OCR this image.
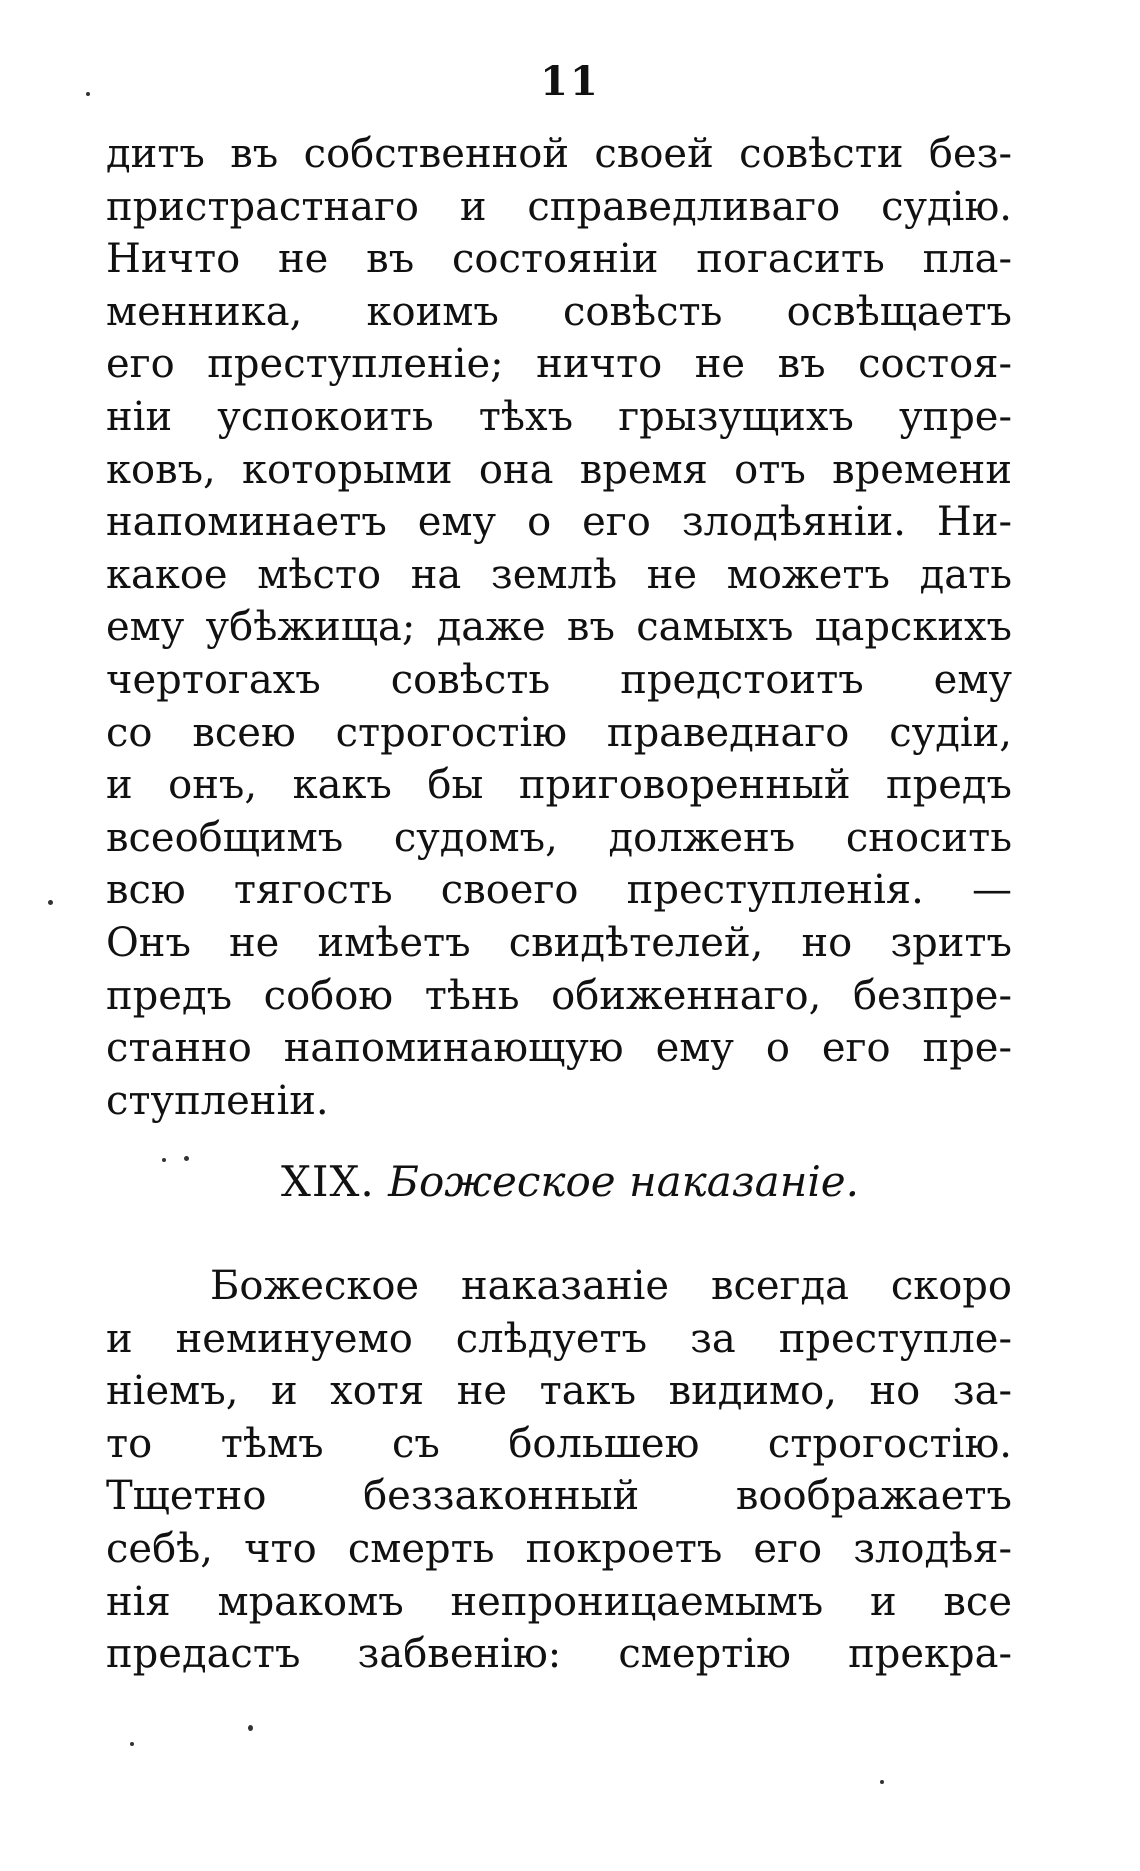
11
дитъ въ собственной своей совѣсти без-
пристрастнаго и справедливаго судію.
Ничто не въ состояніи погасить пла-
менника, коимъ совѣсть освѣщаетъ
его преступленіе; ничто не въ состоя-
ніи успокоить тѣхъ грызущихъ упре-
ковъ, которыми она время отъ времени
напоминаетъ ему о его злодѣяніи. Ни-
какое мѣсто на землѣ не можетъ дать
ему убѣжища; даже въ самыхъ царскихъ
чертогахъ совѣсть предстоитъ ему
со всею строгостію праведнаго судіи,
и онъ, какъ бы приговоренный предъ
всеобщимъ судомъ, долженъ сносить
всю тягость своего преступленія. —
Онъ не имѣетъ свидѣтелей, но зритъ
предъ собою тѣнь обиженнаго, безпре-
станно напоминающую ему о его пре-
ступленіи.
XIX. Божеское наказаніе.
Божеское наказаніе всегда скоро
и неминуемо слѣдуетъ за преступле-
ніемъ, и хотя не такъ видимо, но за-
то тѣмъ съ большею строгостію.
Тщетно беззаконный воображаетъ
себѣ, что смерть покроетъ его злодѣя-
нія мракомъ непроницаемымъ и все
предастъ забвенію: смертію прекра-
